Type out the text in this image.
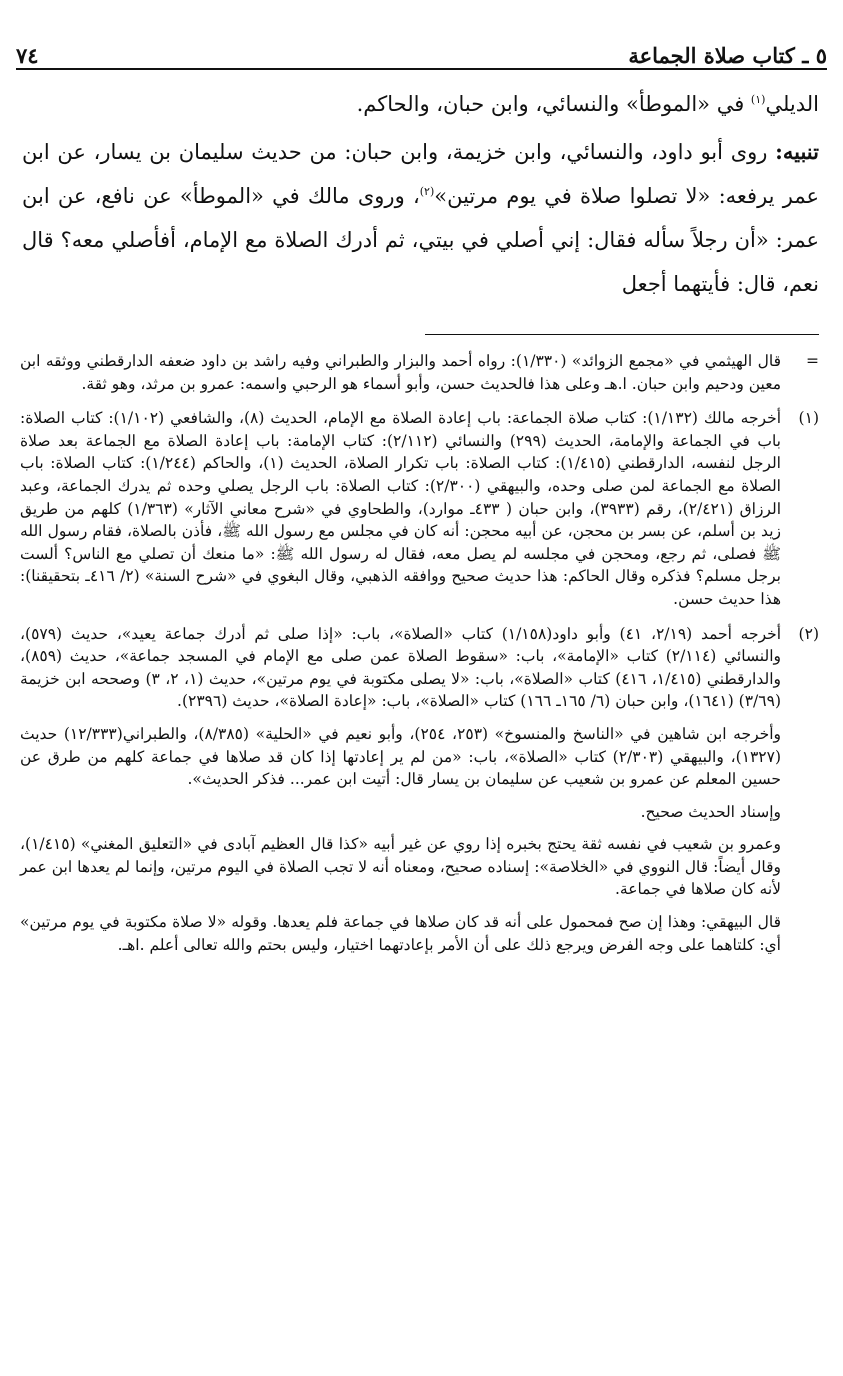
٥ ـ كتاب صلاة الجماعة
٧٤

الديلي$^{(١)}$ في «الموطأ» والنسائي، وابن حبان، والحاكم.

تنبيه: روى أبو داود، والنسائي، وابن خزيمة، وابن حبان: من حديث سليمان بن يسار، عن ابن عمر يرفعه: «لا تصلوا صلاة في يوم مرتين»$^{(٢)}$، وروى مالك في «الموطأ» عن نافع، عن ابن عمر: «أن رجلاً سأله فقال: إني أصلي في بيتي، ثم أدرك الصلاة مع الإمام، أفأصلي معه؟ قال نعم، قال: فأيتهما أجعل

=

قال الهيثمي في «مجمع الزوائد» (١/٣٣٠): رواه أحمد والبزار والطبراني وفيه راشد بن داود ضعفه الدارقطني ووثقه ابن معين ودحيم وابن حبان. ا.هـ وعلى هذا فالحديث حسن، وأبو أسماء هو الرحبي واسمه: عمرو بن مرثد، وهو ثقة.

(١)

أخرجه مالك (١/١٣٢): كتاب صلاة الجماعة: باب إعادة الصلاة مع الإمام، الحديث (٨)، والشافعي (١/١٠٢): كتاب الصلاة: باب في الجماعة والإمامة، الحديث (٢٩٩) والنسائي (٢/١١٢): كتاب الإمامة: باب إعادة الصلاة مع الجماعة بعد صلاة الرجل لنفسه، الدارقطني (١/٤١٥): كتاب الصلاة: باب تكرار الصلاة، الحديث (١)، والحاكم (١/٢٤٤): كتاب الصلاة: باب الصلاة مع الجماعة لمن صلى وحده، والبيهقي (٢/٣٠٠): كتاب الصلاة: باب الرجل يصلي وحده ثم يدرك الجماعة، وعبد الرزاق (٢/٤٢١)، رقم (٣٩٣٣)، وابن حبان ( ٤٣٣ـ موارد)، والطحاوي في «شرح معاني الآثار» (١/٣٦٣) كلهم من طريق زيد بن أسلم، عن بسر بن محجن، عن أبيه محجن: أنه كان في مجلس مع رسول الله ﷺ، فأذن بالصلاة، فقام رسول الله ﷺ فصلى، ثم رجع، ومحجن في مجلسه لم يصل معه، فقال له رسول الله ﷺ: «ما منعك أن تصلي مع الناس؟ ألست برجل مسلم؟ فذكره وقال الحاكم: هذا حديث صحيح ووافقه الذهبي، وقال البغوي في «شرح السنة» (٢/ ٤١٦ـ بتحقيقنا): هذا حديث حسن.

(٢)

أخرجه أحمد (٢/١٩، ٤١) وأبو داود(١/١٥٨) كتاب «الصلاة»، باب: «إذا صلى ثم أدرك جماعة يعيد»، حديث (٥٧٩)، والنسائي (٢/١١٤) كتاب «الإمامة»، باب: «سقوط الصلاة عمن صلى مع الإمام في المسجد جماعة»، حديث (٨٥٩)، والدارقطني (١/٤١٥، ٤١٦) كتاب «الصلاة»، باب: «لا يصلى مكتوبة في يوم مرتين»، حديث (١، ٢، ٣) وصححه ابن خزيمة (٣/٦٩) (١٦٤١)، وابن حبان (٦/ ١٦٥ـ ١٦٦) كتاب «الصلاة»، باب: «إعادة الصلاة»، حديث (٢٣٩٦).

وأخرجه ابن شاهين في «الناسخ والمنسوخ» (٢٥٣، ٢٥٤)، وأبو نعيم في «الحلية» (٨/٣٨٥)، والطبراني(١٢/٣٣٣) حديث (١٣٢٧)، والبيهقي (٢/٣٠٣) كتاب «الصلاة»، باب: «من لم ير إعادتها إذا كان قد صلاها في جماعة كلهم من طرق عن حسين المعلم عن عمرو بن شعيب عن سليمان بن يسار قال: أتيت ابن عمر... فذكر الحديث».

وإسناد الحديث صحيح.

وعمرو بن شعيب في نفسه ثقة يحتج بخبره إذا روي عن غير أبيه «كذا قال العظيم آبادى في «التعليق المغني» (١/٤١٥)، وقال أيضاً: قال النووي في «الخلاصة»: إسناده صحيح، ومعناه أنه لا تجب الصلاة في اليوم مرتين، وإنما لم يعدها ابن عمر لأنه كان صلاها في جماعة.

قال البيهقي: وهذا إن صح فمحمول على أنه قد كان صلاها في جماعة فلم يعدها. وقوله «لا صلاة مكتوبة في يوم مرتين» أي: كلتاهما على وجه الفرض ويرجع ذلك على أن الأمر بإعادتهما اختيار، وليس بحتم والله تعالى أعلم .اهـ.
